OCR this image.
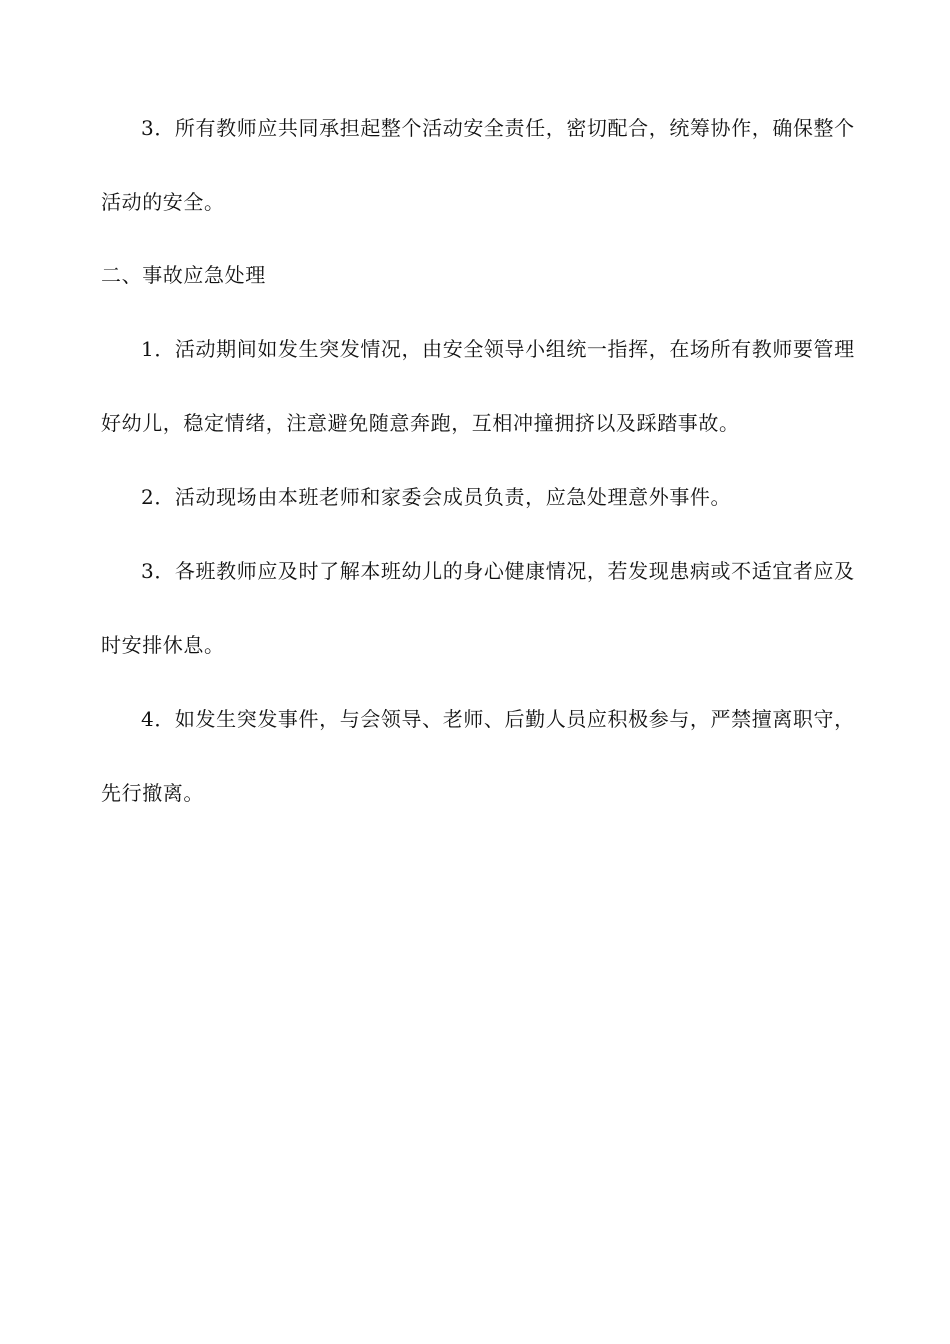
3．所有教师应共同承担起整个活动安全责任，密切配合，统筹协作，确保整个活动的安全。

二、事故应急处理

1．活动期间如发生突发情况，由安全领导小组统一指挥，在场所有教师要管理好幼儿，稳定情绪，注意避免随意奔跑，互相冲撞拥挤以及踩踏事故。

2．活动现场由本班老师和家委会成员负责，应急处理意外事件。

3．各班教师应及时了解本班幼儿的身心健康情况，若发现患病或不适宜者应及时安排休息。

4．如发生突发事件，与会领导、老师、后勤人员应积极参与，严禁擅离职守，先行撤离。
